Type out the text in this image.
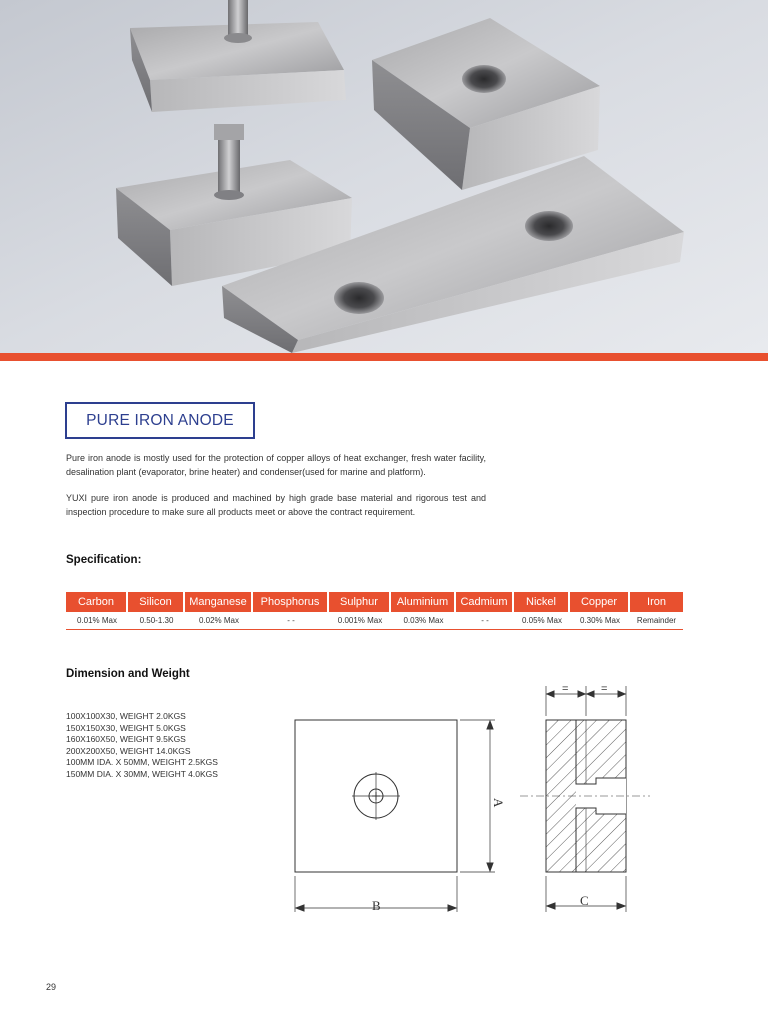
PURE IRON ANODE

Pure iron anode is mostly used for the protection of copper alloys of heat exchanger, fresh water facility, desalination plant (evaporator, brine heater) and condenser(used for marine and platform).

YUXI pure iron anode is produced and machined by high grade base material and rigorous test and inspection procedure to make sure all products meet or above the contract requirement.

Specification:
Carbon	Silicon	Manganese	Phosphorus	Sulphur	Aluminium	Cadmium	Nickel	Copper	Iron
0.01% Max	0.50-1.30	0.02% Max	- -	0.001% Max	0.03% Max	- -	0.05% Max	0.30% Max	Remainder
Dimension and Weight
100X100X30, WEIGHT 2.0KGS
150X150X30, WEIGHT 5.0KGS
160X160X50, WEIGHT 9.5KGS
200X200X50, WEIGHT 14.0KGS
100MM IDA. X 50MM, WEIGHT 2.5KGS
150MM DIA. X 30MM, WEIGHT 4.0KGS
A
B	C
=	=
29
